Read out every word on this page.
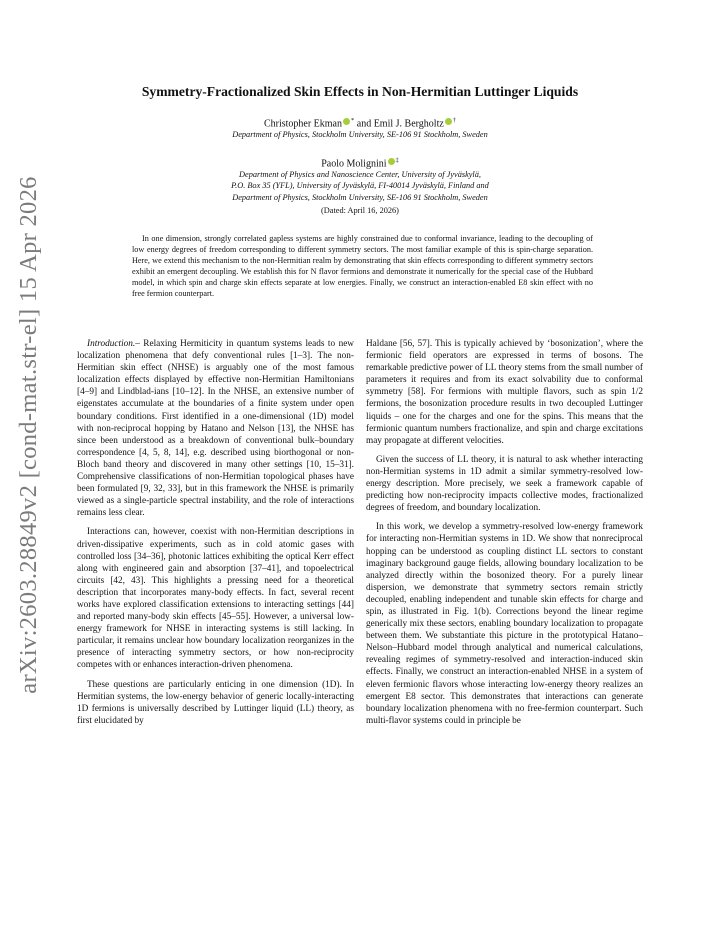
arXiv:2603.28849v2 [cond-mat.str-el] 15 Apr 2026
Symmetry-Fractionalized Skin Effects in Non-Hermitian Luttinger Liquids
Christopher Ekman * and Emil J. Bergholtz †
Department of Physics, Stockholm University, SE-106 91 Stockholm, Sweden
Paolo Molignini ‡
Department of Physics and Nanoscience Center, University of Jyväskylä,
P.O. Box 35 (YFL), University of Jyväskylä, FI-40014 Jyväskylä, Finland and
Department of Physics, Stockholm University, SE-106 91 Stockholm, Sweden
(Dated: April 16, 2026)
In one dimension, strongly correlated gapless systems are highly constrained due to conformal invariance, leading to the decoupling of low energy degrees of freedom corresponding to different symmetry sectors. The most familiar example of this is spin-charge separation. Here, we extend this mechanism to the non-Hermitian realm by demonstrating that skin effects corresponding to different symmetry sectors exhibit an emergent decoupling. We establish this for N flavor fermions and demonstrate it numerically for the special case of the Hubbard model, in which spin and charge skin effects separate at low energies. Finally, we construct an interaction-enabled E8 skin effect with no free fermion counterpart.

Introduction.– Relaxing Hermiticity in quantum systems leads to new localization phenomena that defy conventional rules [1–3]. The non-Hermitian skin effect (NHSE) is arguably one of the most famous localization effects displayed by effective non-Hermitian Hamiltonians [4–9] and Lindblad-ians [10–12]. In the NHSE, an extensive number of eigenstates accumulate at the boundaries of a finite system under open boundary conditions. First identified in a one-dimensional (1D) model with non-reciprocal hopping by Hatano and Nelson [13], the NHSE has since been understood as a breakdown of conventional bulk–boundary correspondence [4, 5, 8, 14], e.g. described using biorthogonal or non-Bloch band theory and discovered in many other settings [10, 15–31]. Comprehensive classifications of non-Hermitian topological phases have been formulated [9, 32, 33], but in this framework the NHSE is primarily viewed as a single-particle spectral instability, and the role of interactions remains less clear.

Interactions can, however, coexist with non-Hermitian descriptions in driven-dissipative experiments, such as in cold atomic gases with controlled loss [34–36], photonic lattices exhibiting the optical Kerr effect along with engineered gain and absorption [37–41], and topoelectrical circuits [42, 43]. This highlights a pressing need for a theoretical description that incorporates many-body effects. In fact, several recent works have explored classification extensions to interacting settings [44] and reported many-body skin effects [45–55]. However, a universal low-energy framework for NHSE in interacting systems is still lacking. In particular, it remains unclear how boundary localization reorganizes in the presence of interacting symmetry sectors, or how non-reciprocity competes with or enhances interaction-driven phenomena.

These questions are particularly enticing in one dimension (1D). In Hermitian systems, the low-energy behavior of generic locally-interacting 1D fermions is universally described by Luttinger liquid (LL) theory, as first elucidated by

Haldane [56, 57]. This is typically achieved by ‘bosonization’, where the fermionic field operators are expressed in terms of bosons. The remarkable predictive power of LL theory stems from the small number of parameters it requires and from its exact solvability due to conformal symmetry [58]. For fermions with multiple flavors, such as spin 1/2 fermions, the bosonization procedure results in two decoupled Luttinger liquids – one for the charges and one for the spins. This means that the fermionic quantum numbers fractionalize, and spin and charge excitations may propagate at different velocities.

Given the success of LL theory, it is natural to ask whether interacting non-Hermitian systems in 1D admit a similar symmetry-resolved low-energy description. More precisely, we seek a framework capable of predicting how non-reciprocity impacts collective modes, fractionalized degrees of freedom, and boundary localization.

In this work, we develop a symmetry-resolved low-energy framework for interacting non-Hermitian systems in 1D. We show that nonreciprocal hopping can be understood as coupling distinct LL sectors to constant imaginary background gauge fields, allowing boundary localization to be analyzed directly within the bosonized theory. For a purely linear dispersion, we demonstrate that symmetry sectors remain strictly decoupled, enabling independent and tunable skin effects for charge and spin, as illustrated in Fig. 1(b). Corrections beyond the linear regime generically mix these sectors, enabling boundary localization to propagate between them. We substantiate this picture in the prototypical Hatano–Nelson–Hubbard model through analytical and numerical calculations, revealing regimes of symmetry-resolved and interaction-induced skin effects. Finally, we construct an interaction-enabled NHSE in a system of eleven fermionic flavors whose interacting low-energy theory realizes an emergent E8 sector. This demonstrates that interactions can generate boundary localization phenomena with no free-fermion counterpart. Such multi-flavor systems could in principle be
